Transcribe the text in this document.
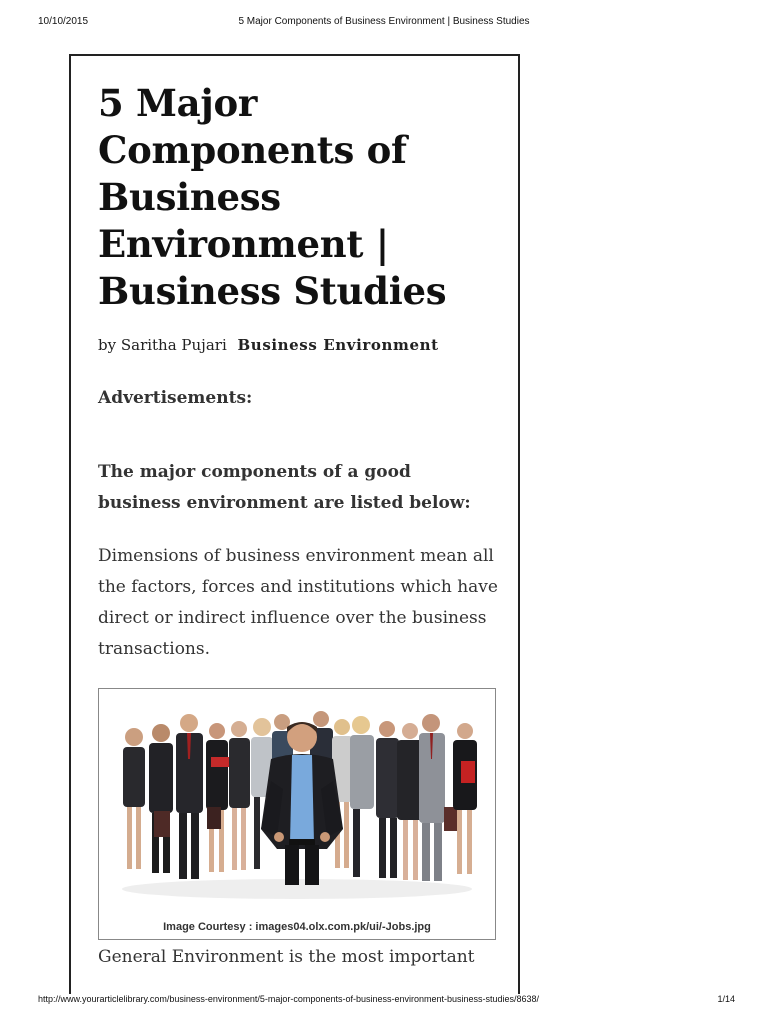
10/10/2015	5 Major Components of Business Environment | Business Studies
5 Major Components of Business Environment | Business Studies
by Saritha Pujari Business Environment
Advertisements:

The major components of a good business environment are listed below:

Dimensions of business environment mean all the factors, forces and institutions which have direct or indirect influence over the business transactions.

Image Courtesy : images04.olx.com.pk/ui/-Jobs.jpg

General Environment is the most important

http://www.yourarticlelibrary.com/business-environment/5-major-components-of-business-environment-business-studies/8638/	1/14
